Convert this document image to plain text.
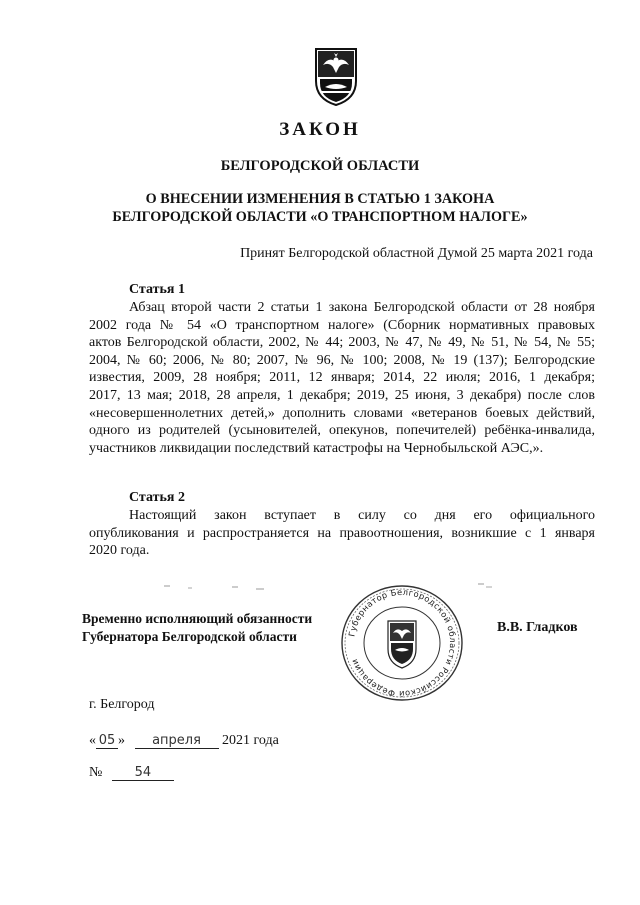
ЗАКОН
БЕЛГОРОДСКОЙ ОБЛАСТИ
О ВНЕСЕНИИ ИЗМЕНЕНИЯ В СТАТЬЮ 1 ЗАКОНА
БЕЛГОРОДСКОЙ ОБЛАСТИ «О ТРАНСПОРТНОМ НАЛОГЕ»
Принят Белгородской областной Думой 25 марта 2021 года
Статья 1
Абзац второй части 2 статьи 1 закона Белгородской области от 28 ноября
2002 года № 54 «О транспортном налоге» (Сборник нормативных правовых
актов Белгородской области, 2002, № 44; 2003, № 47, № 49, № 51, № 54, № 55;
2004, № 60; 2006, № 80; 2007, № 96, № 100; 2008, № 19 (137); Белгородские
известия, 2009, 28 ноября; 2011, 12 января; 2014, 22 июля; 2016, 1 декабря;
2017, 13 мая; 2018, 28 апреля, 1 декабря; 2019, 25 июня, 3 декабря) после слов
«несовершеннолетних детей,» дополнить словами «ветеранов боевых действий,
одного из родителей (усыновителей, опекунов, попечителей) ребёнка-инвалида,
участников ликвидации последствий катастрофы на Чернобыльской АЭС,».
Статья 2
Настоящий закон вступает в силу со дня его официального
опубликования и распространяется на правоотношения, возникшие с 1 января
2020 года.
Временно исполняющий обязанности
Губернатора Белгородской области	Губернатор Белгородской области Российской Федерации
В.В. Гладков
г. Белгород
« 05 » апреля 2021 года
№ 54
